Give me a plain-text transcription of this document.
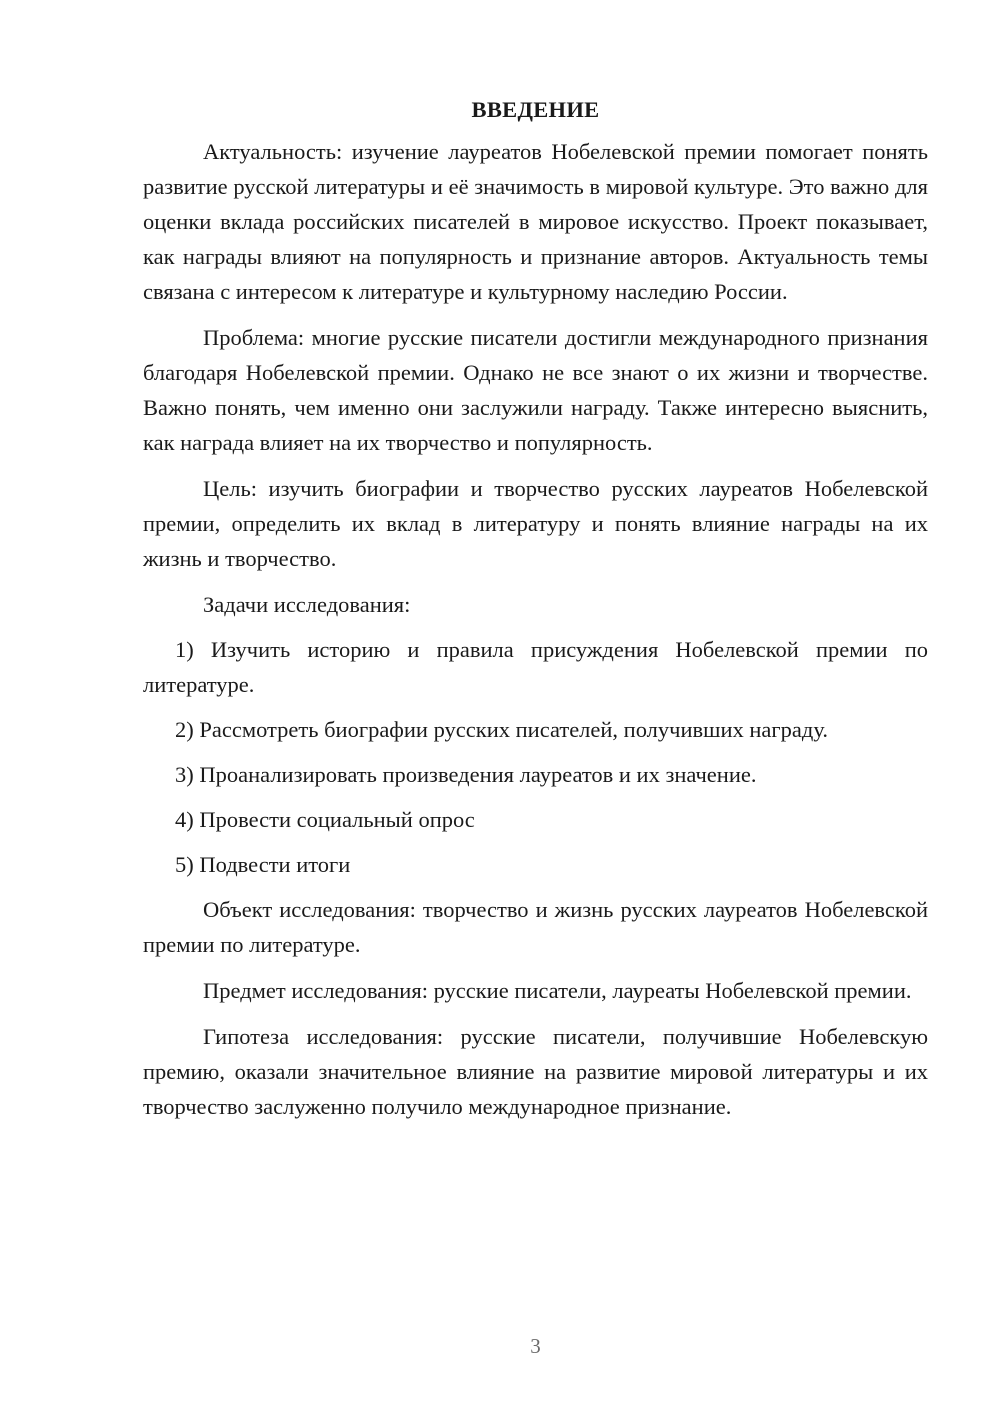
ВВЕДЕНИЕ

Актуальность: изучение лауреатов Нобелевской премии помогает понять развитие русской литературы и её значимость в мировой культуре. Это важно для оценки вклада российских писателей в мировое искусство. Проект показывает, как награды влияют на популярность и признание авторов. Актуальность темы связана с интересом к литературе и культурному наследию России.

Проблема: многие русские писатели достигли международного признания благодаря Нобелевской премии. Однако не все знают о их жизни и творчестве. Важно понять, чем именно они заслужили награду. Также интересно выяснить, как награда влияет на их творчество и популярность.

Цель: изучить биографии и творчество русских лауреатов Нобелевской премии, определить их вклад в литературу и понять влияние награды на их жизнь и творчество.

Задачи исследования:

1) Изучить историю и правила присуждения Нобелевской премии по литературе.

2) Рассмотреть биографии русских писателей, получивших награду.

3) Проанализировать произведения лауреатов и их значение.

4) Провести социальный опрос

5) Подвести итоги

Объект исследования: творчество и жизнь русских лауреатов Нобелевской премии по литературе.

Предмет исследования: русские писатели, лауреаты Нобелевской премии.

Гипотеза исследования: русские писатели, получившие Нобелевскую премию, оказали значительное влияние на развитие мировой литературы и их творчество заслуженно получило международное признание.

3
